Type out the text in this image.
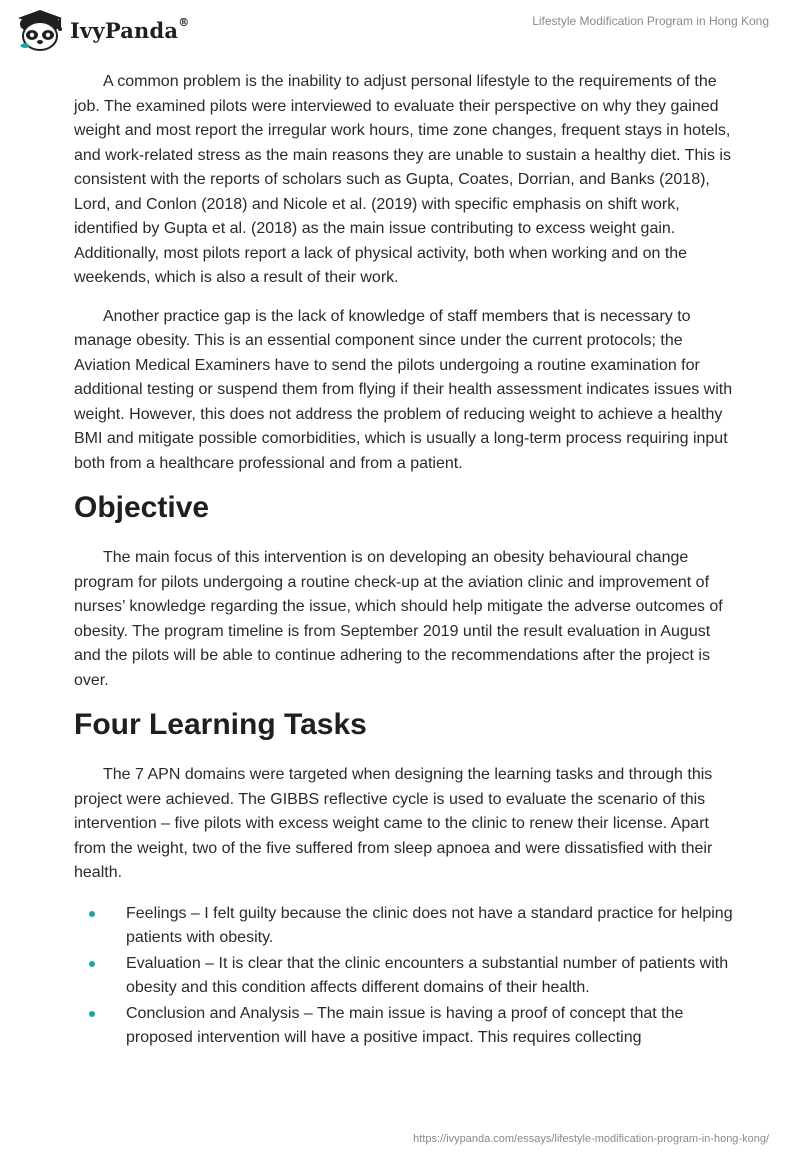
IvyPanda®	Lifestyle Modification Program in Hong Kong

A common problem is the inability to adjust personal lifestyle to the requirements of the job. The examined pilots were interviewed to evaluate their perspective on why they gained weight and most report the irregular work hours, time zone changes, frequent stays in hotels, and work-related stress as the main reasons they are unable to sustain a healthy diet. This is consistent with the reports of scholars such as Gupta, Coates, Dorrian, and Banks (2018), Lord, and Conlon (2018) and Nicole et al. (2019) with specific emphasis on shift work, identified by Gupta et al. (2018) as the main issue contributing to excess weight gain. Additionally, most pilots report a lack of physical activity, both when working and on the weekends, which is also a result of their work.

Another practice gap is the lack of knowledge of staff members that is necessary to manage obesity. This is an essential component since under the current protocols; the Aviation Medical Examiners have to send the pilots undergoing a routine examination for additional testing or suspend them from flying if their health assessment indicates issues with weight. However, this does not address the problem of reducing weight to achieve a healthy BMI and mitigate possible comorbidities, which is usually a long-term process requiring input both from a healthcare professional and from a patient.

Objective

The main focus of this intervention is on developing an obesity behavioural change program for pilots undergoing a routine check-up at the aviation clinic and improvement of nurses’ knowledge regarding the issue, which should help mitigate the adverse outcomes of obesity. The program timeline is from September 2019 until the result evaluation in August and the pilots will be able to continue adhering to the recommendations after the project is over.

Four Learning Tasks

The 7 APN domains were targeted when designing the learning tasks and through this project were achieved. The GIBBS reflective cycle is used to evaluate the scenario of this intervention – five pilots with excess weight came to the clinic to renew their license. Apart from the weight, two of the five suffered from sleep apnoea and were dissatisfied with their health.

Feelings – I felt guilty because the clinic does not have a standard practice for helping patients with obesity.
Evaluation – It is clear that the clinic encounters a substantial number of patients with obesity and this condition affects different domains of their health.
Conclusion and Analysis – The main issue is having a proof of concept that the proposed intervention will have a positive impact. This requires collecting
https://ivypanda.com/essays/lifestyle-modification-program-in-hong-kong/
